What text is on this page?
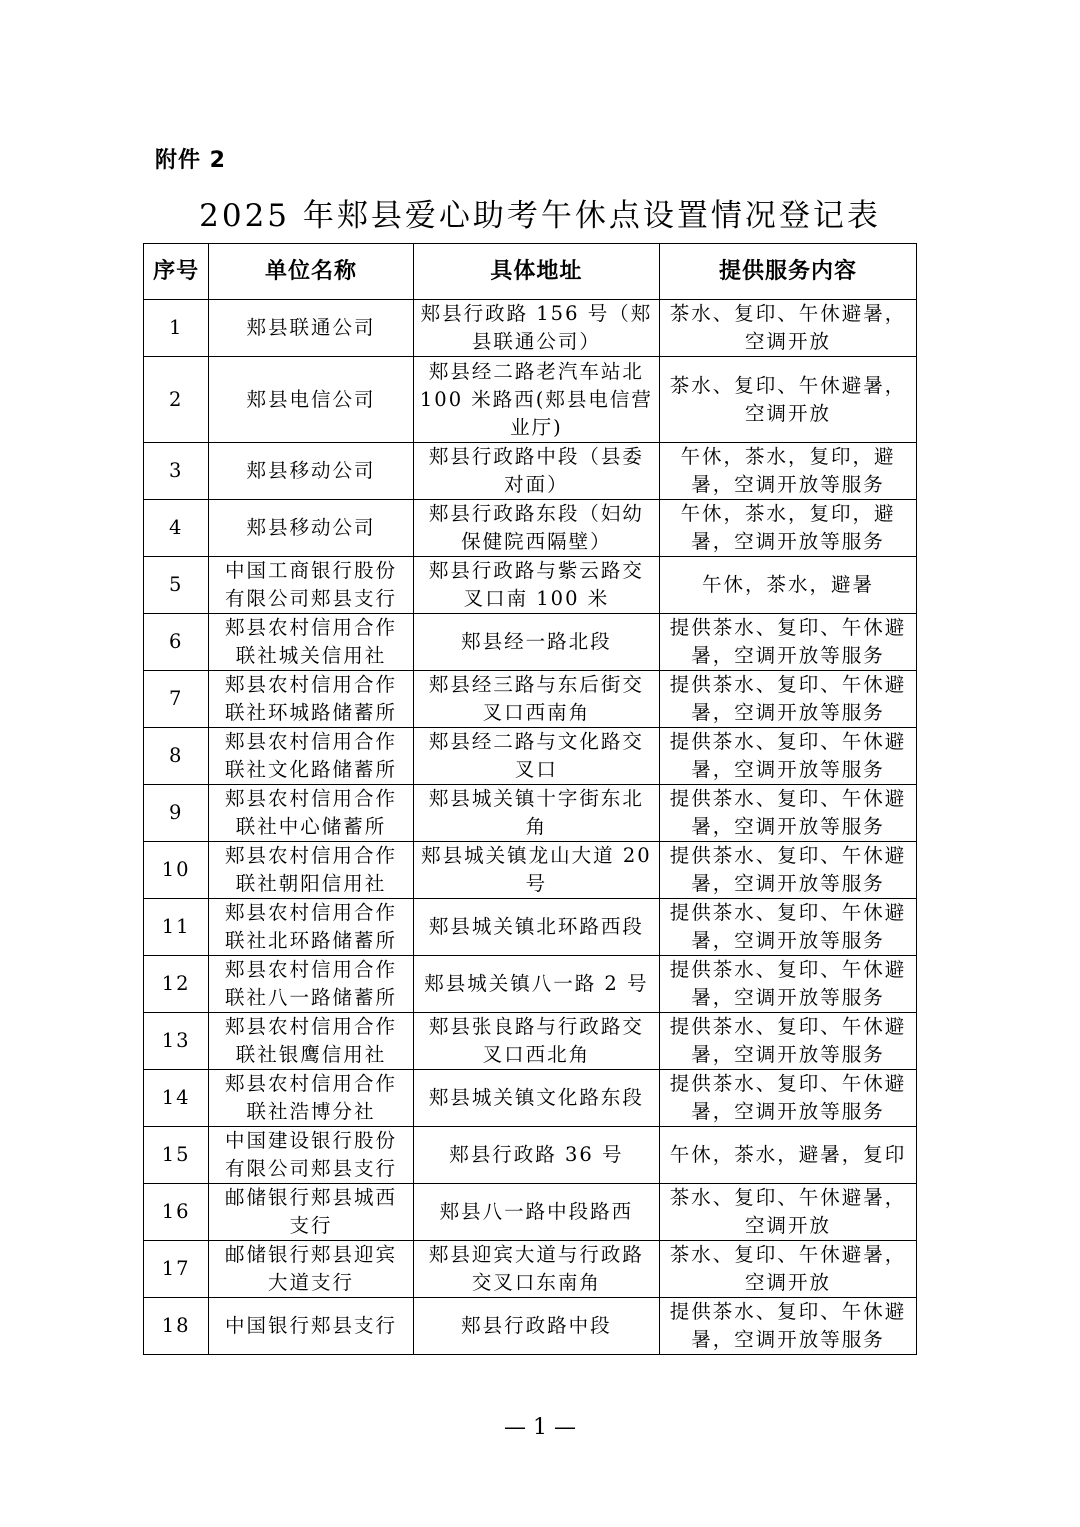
附件 2
2025 年郏县爱心助考午休点设置情况登记表
序号	单位名称	具体地址	提供服务内容
1	郏县联通公司	郏县行政路 156 号（郏县联通公司）	茶水、复印、午休避暑，空调开放
2	郏县电信公司	郏县经二路老汽车站北 100 米路西(郏县电信营业厅)	茶水、复印、午休避暑，空调开放
3	郏县移动公司	郏县行政路中段（县委对面）	午休，茶水，复印，避暑，空调开放等服务
4	郏县移动公司	郏县行政路东段（妇幼保健院西隔壁）	午休，茶水，复印，避暑，空调开放等服务
5	中国工商银行股份有限公司郏县支行	郏县行政路与紫云路交叉口南 100 米	午休，茶水，避暑
6	郏县农村信用合作联社城关信用社	郏县经一路北段	提供茶水、复印、午休避暑，空调开放等服务
7	郏县农村信用合作联社环城路储蓄所	郏县经三路与东后街交叉口西南角	提供茶水、复印、午休避暑，空调开放等服务
8	郏县农村信用合作联社文化路储蓄所	郏县经二路与文化路交叉口	提供茶水、复印、午休避暑，空调开放等服务
9	郏县农村信用合作联社中心储蓄所	郏县城关镇十字街东北角	提供茶水、复印、午休避暑，空调开放等服务
10	郏县农村信用合作联社朝阳信用社	郏县城关镇龙山大道 20 号	提供茶水、复印、午休避暑，空调开放等服务
11	郏县农村信用合作联社北环路储蓄所	郏县城关镇北环路西段	提供茶水、复印、午休避暑，空调开放等服务
12	郏县农村信用合作联社八一路储蓄所	郏县城关镇八一路 2 号	提供茶水、复印、午休避暑，空调开放等服务
13	郏县农村信用合作联社银鹰信用社	郏县张良路与行政路交叉口西北角	提供茶水、复印、午休避暑，空调开放等服务
14	郏县农村信用合作联社浩博分社	郏县城关镇文化路东段	提供茶水、复印、午休避暑，空调开放等服务
15	中国建设银行股份有限公司郏县支行	郏县行政路 36 号	午休，茶水，避暑，复印
16	邮储银行郏县城西支行	郏县八一路中段路西	茶水、复印、午休避暑，空调开放
17	邮储银行郏县迎宾大道支行	郏县迎宾大道与行政路交叉口东南角	茶水、复印、午休避暑，空调开放
18	中国银行郏县支行	郏县行政路中段	提供茶水、复印、午休避暑，空调开放等服务
— 1 —
